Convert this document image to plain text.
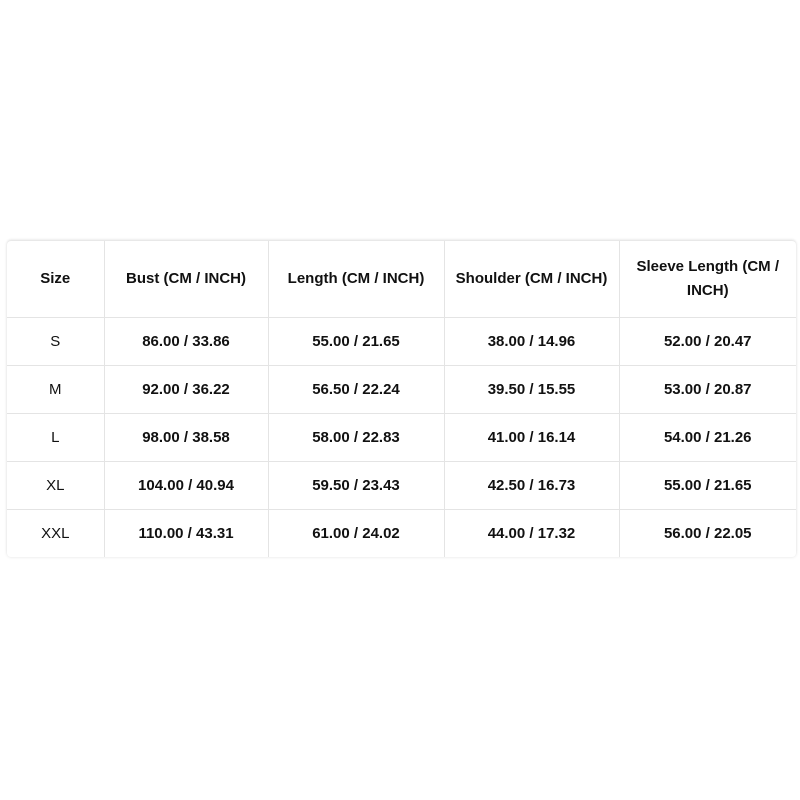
Size	Bust (CM / INCH)	Length (CM / INCH)	Shoulder (CM / INCH)	Sleeve Length (CM / INCH)
S	86.00 / 33.86	55.00 / 21.65	38.00 / 14.96	52.00 / 20.47
M	92.00 / 36.22	56.50 / 22.24	39.50 / 15.55	53.00 / 20.87
L	98.00 / 38.58	58.00 / 22.83	41.00 / 16.14	54.00 / 21.26
XL	104.00 / 40.94	59.50 / 23.43	42.50 / 16.73	55.00 / 21.65
XXL	110.00 / 43.31	61.00 / 24.02	44.00 / 17.32	56.00 / 22.05
